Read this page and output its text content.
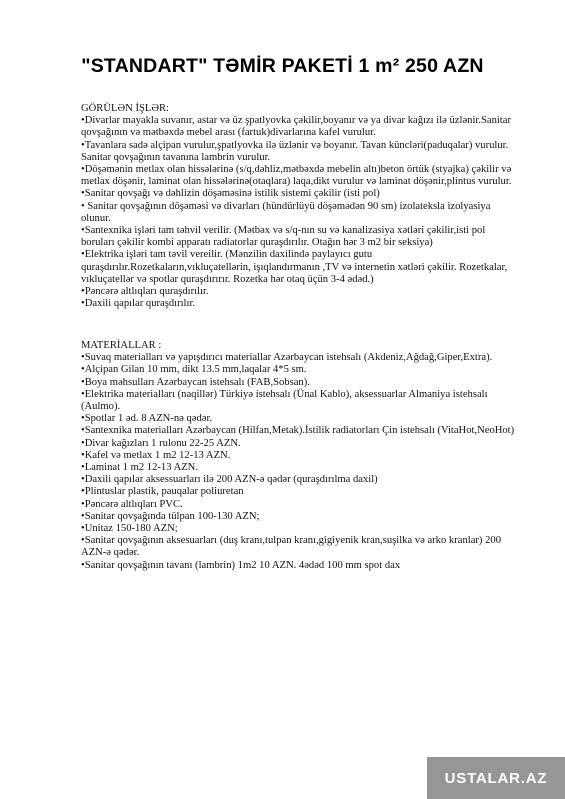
"STANDART" TƏMİR PAKETİ 1 m² 250 AZN

GÖRÜLƏN İŞLƏR:

•Divarlar mayakla suvanır, astar və üz şpatlyovka çəkilir,boyanır və ya divar kağızı ilə üzlənir.Sanitar qovşağının və mətbəxdə mebel arası (fartuk)divarlarına kafel vurulur.

•Tavanlara sadə alçipan vurulur,şpatlyovka ilə üzlənir və boyanır. Tavan küncləri(paduqalar) vurulur. Sanitar qovşağının tavanına lambrin vurulur.

•Döşəmənin metlax olan hissələrinə (s/q,dəhliz,mətbəxdə mebelin altı)beton örtük (styajka) çəkilir və metlax döşənir, laminat olan hissələrinə(otaqlara) laqa,dikt vurulur və laminat döşənir,plintus vurulur.

•Sanitar qovşağı və dəhlizin döşəməsinə istilik sistemi çəkilir (isti pol)

• Sanitar qovşağının döşəməsi və divarları (hündürlüyü döşəmədən 90 sm) izolateksla izolyasiya olunur.

•Santexnika işləri tam təhvil verilir. (Mətbəx və s/q-nın su və kanalizasiya xətləri çəkilir,isti pol boruları çəkilir kombi apparatı radiatorlar quraşdırılır. Otağın hər 3 m2 bir seksiya)

•Elektrika işləri tam təvil vereilir. (Mənzilin daxilində paylayıcı gutu quraşdırılır.Rozetkaların,vıkluçatellərin, işıqlandırmanın ,TV və internetin xətləri çəkilir. Rozetkalar, vıkluçatellər və spotlar quraşdırırır. Rozetka hər otaq üçün 3-4 ədəd.)

•Pəncərə altlıqları quraşdırılır.

•Daxili qapılar quraşdırılır.

MATERİALLAR :

•Suvaq materialları və yapışdırıcı materiallar Azərbaycan istehsalı (Akdeniz,Ağdağ,Giper,Extra).

•Alçipan Gilan 10 mm, dikt 13.5 mm,laqalar 4*5 sm.

•Boya məhsulları Azərbaycan istehsalı (FAB,Sobsan).

•Elektrika materialları (naqillər) Türkiyə istehsalı (Ünal Kablo), aksessuarlar Almaniya istehsalı (Aulmo).

•Spotlar 1 əd. 8 AZN-nə qədər.

•Santexnika materialları Azərbaycan (Hilfan,Metak).İstilik radiatorları Çin istehsalı (VitaHot,NeoHot)

•Divar kağızları 1 rulonu 22-25 AZN.

•Kafel və metlax 1 m2 12-13 AZN.

•Laminat 1 m2 12-13 AZN.

•Daxili qapılar aksessuarları ilə 200 AZN-ə qədər (quraşdırılma daxil)

•Plintuslar plastik, pauqalar poliuretan

•Pəncərə altlıqları PVC.

•Sanitar qovşağında tülpan 100-130 AZN;

•Unitaz 150-180 AZN;

•Sanitar qovşağının aksesuarları (duş kranı,tulpan kranı,gigiyenik kran,suşilka və arko kranlar) 200 AZN-ə qədər.

•Sanitar qovşağının tavanı (lambrin) 1m2 10 AZN. 4ədəd 100 mm spot dax

USTALAR.AZ
